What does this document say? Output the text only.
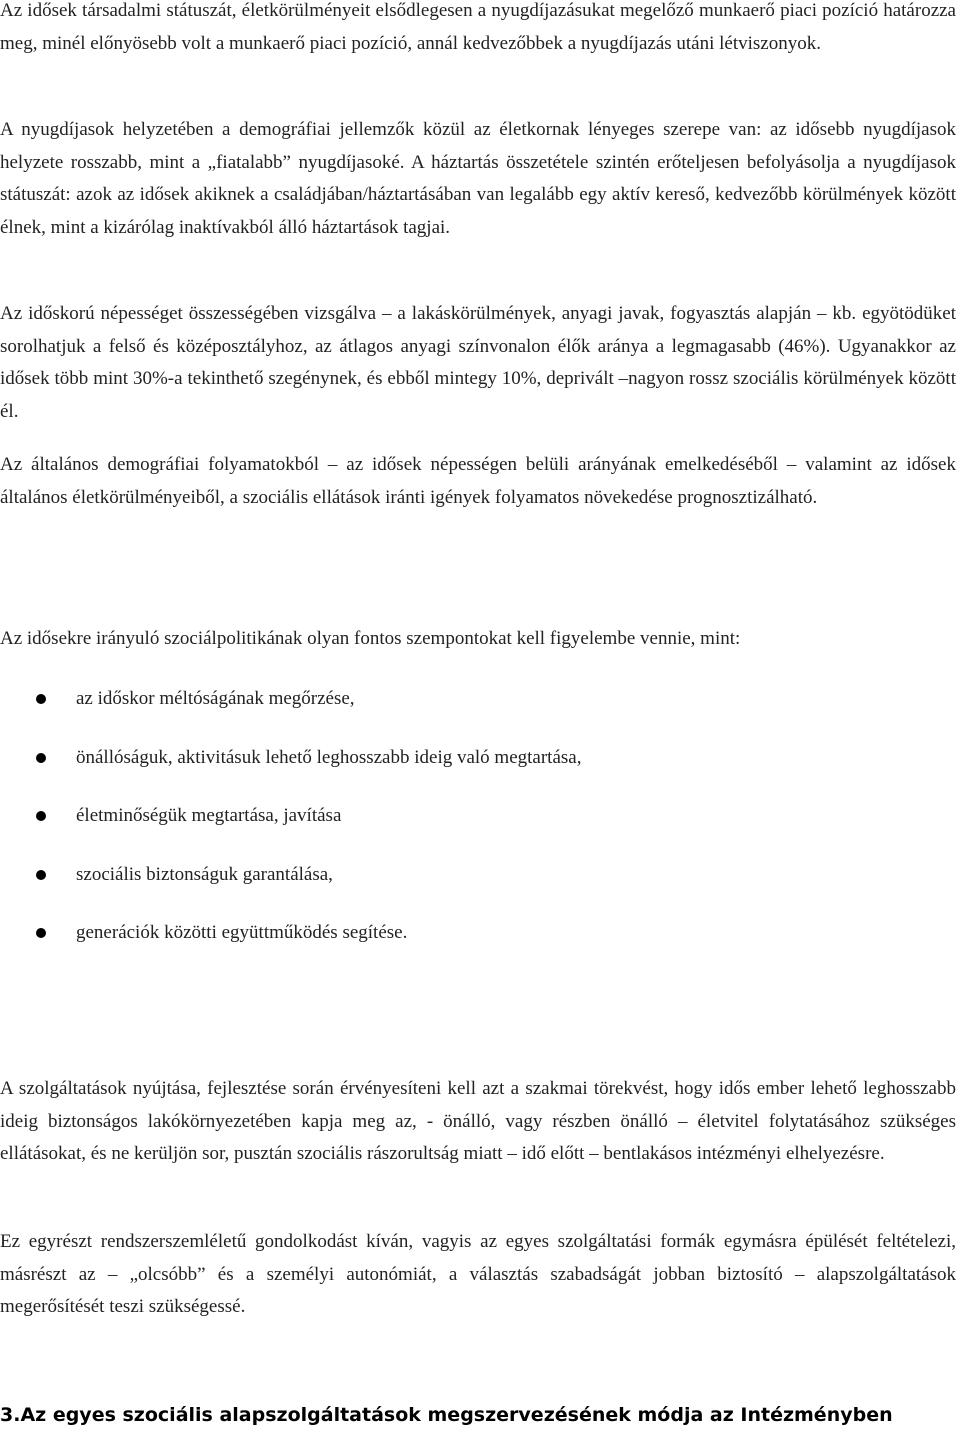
Az idősek társadalmi státuszát, életkörülményeit elsődlegesen a nyugdíjazásukat megelőző munkaerő piaci pozíció határozza meg, minél előnyösebb volt a munkaerő piaci pozíció, annál kedvezőbbek a nyugdíjazás utáni létviszonyok.

A nyugdíjasok helyzetében a demográfiai jellemzők közül az életkornak lényeges szerepe van: az idősebb nyugdíjasok helyzete rosszabb, mint a „fiatalabb” nyugdíjasoké. A háztartás összetétele szintén erőteljesen befolyásolja a nyugdíjasok státuszát: azok az idősek akiknek a családjában/háztartásában van legalább egy aktív kereső, kedvezőbb körülmények között élnek, mint a kizárólag inaktívakból álló háztartások tagjai.

Az időskorú népességet összességében vizsgálva – a lakáskörülmények, anyagi javak, fogyasztás alapján – kb. egyötödüket sorolhatjuk a felső és középosztályhoz, az átlagos anyagi színvonalon élők aránya a legmagasabb (46%). Ugyanakkor az idősek több mint 30%-a tekinthető szegénynek, és ebből mintegy 10%, deprivált –nagyon rossz szociális körülmények között él.

Az általános demográfiai folyamatokból – az idősek népességen belüli arányának emelkedéséből – valamint az idősek általános életkörülményeiből, a szociális ellátások iránti igények folyamatos növekedése prognosztizálható.

Az idősekre irányuló szociálpolitikának olyan fontos szempontokat kell figyelembe vennie, mint:

az időskor méltóságának megőrzése,
önállóságuk, aktivitásuk lehető leghosszabb ideig való megtartása,
életminőségük megtartása, javítása
szociális biztonságuk garantálása,
generációk közötti együttműködés segítése.

A szolgáltatások nyújtása, fejlesztése során érvényesíteni kell azt a szakmai törekvést, hogy idős ember lehető leghosszabb ideig biztonságos lakókörnyezetében kapja meg az, - önálló, vagy részben önálló – életvitel folytatásához szükséges ellátásokat, és ne kerüljön sor, pusztán szociális rászorultság miatt – idő előtt – bentlakásos intézményi elhelyezésre.

Ez egyrészt rendszerszemléletű gondolkodást kíván, vagyis az egyes szolgáltatási formák egymásra épülését feltételezi, másrészt az – „olcsóbb” és a személyi autonómiát, a választás szabadságát jobban biztosító – alapszolgáltatások megerősítését teszi szükségessé.

3.Az egyes szociális alapszolgáltatások megszervezésének módja az Intézményben
